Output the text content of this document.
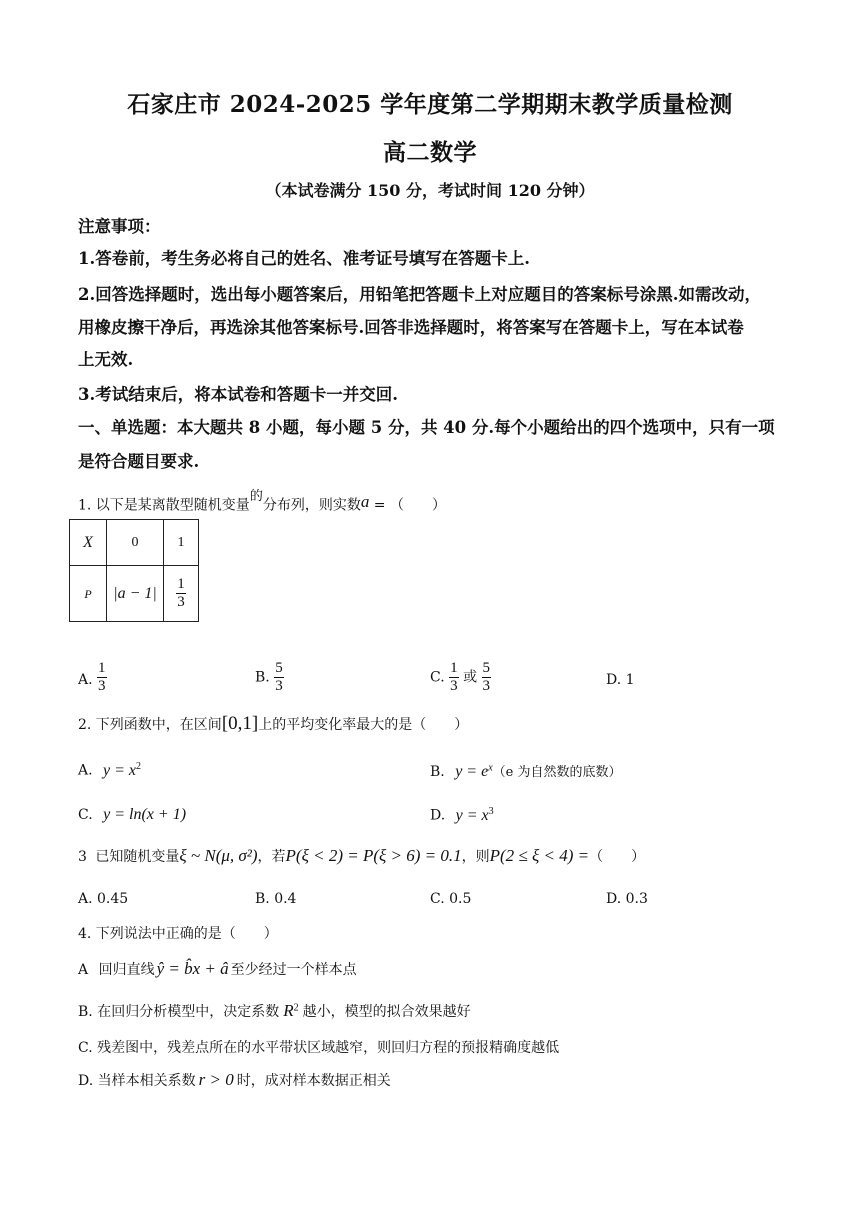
石家庄市 2024-2025 学年度第二学期期末教学质量检测
高二数学
（本试卷满分 150 分，考试时间 120 分钟）
注意事项：
1.答卷前，考生务必将自己的姓名、准考证号填写在答题卡上.
2.回答选择题时，选出每小题答案后，用铅笔把答题卡上对应题目的答案标号涂黑.如需改动，
用橡皮擦干净后，再选涂其他答案标号.回答非选择题时，将答案写在答题卡上，写在本试卷
上无效.
3.考试结束后，将本试卷和答题卡一并交回.
一、单选题：本大题共 8 小题，每小题 5 分，共 40 分.每个小题给出的四个选项中，只有一项
是符合题目要求.
1. 以下是某离散型随机变量$^的$分布列，则实数a = （　　）
X	0	1
P	|a − 1|	$\frac{1}{3}$
A. $\frac{1}{3}$	B. $\frac{5}{3}$	C. $\frac{1}{3}$ 或 $\frac{5}{3}$	D. 1
2. 下列函数中，在区间[0,1]上的平均变化率最大的是（　　）
A. $y = x^2$	B. $y = e^x(e$ 为自然数的底数）
C. y = ln(x + 1)	D. $y = x^3$
3 已知随机变量ξ ~ N(μ, σ²)，若P(ξ < 2) = P(ξ > 6) = 0.1，则P(2 ≤ ξ < 4) =（　　）
A. 0.45	B. 0.4	C. 0.5	D. 0.3
4. 下列说法中正确的是（　　）
A 回归直线 ŷ = b̂x + â 至少经过一个样本点
B. 在回归分析模型中，决定系数 $R^2$ 越小，模型的拟合效果越好
C. 残差图中，残差点所在的水平带状区域越窄，则回归方程的预报精确度越低
D. 当样本相关系数 r > 0 时，成对样本数据正相关
